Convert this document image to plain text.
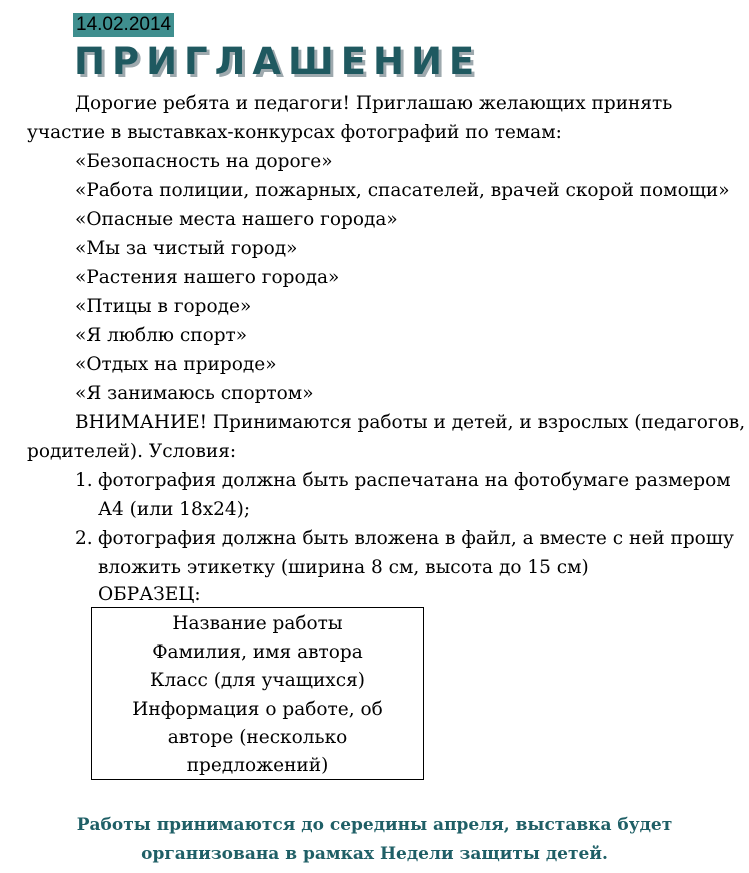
14.02.2014
ПРИГЛАШЕНИЕ
Дорогие ребята и педагоги! Приглашаю желающих принять
участие в выставках-конкурсах фотографий по темам:
«Безопасность на дороге»
«Работа полиции, пожарных, спасателей, врачей скорой помощи»
«Опасные места нашего города»
«Мы за чистый город»
«Растения нашего города»
«Птицы в городе»
«Я люблю спорт»
«Отдых на природе»
«Я занимаюсь спортом»
ВНИМАНИЕ! Принимаются работы и детей, и взрослых (педагогов,
родителей). Условия:
1. фотография должна быть распечатана на фотобумаге размером
А4 (или 18х24);
2. фотография должна быть вложена в файл, а вместе с ней прошу
вложить этикетку (ширина 8 см, высота до 15 см)
ОБРАЗЕЦ:
Название работы
Фамилия, имя автора
Класс (для учащихся)
Информация о работе, об
авторе (несколько
предложений)
Работы принимаются до середины апреля, выставка будет
организована в рамках Недели защиты детей.
